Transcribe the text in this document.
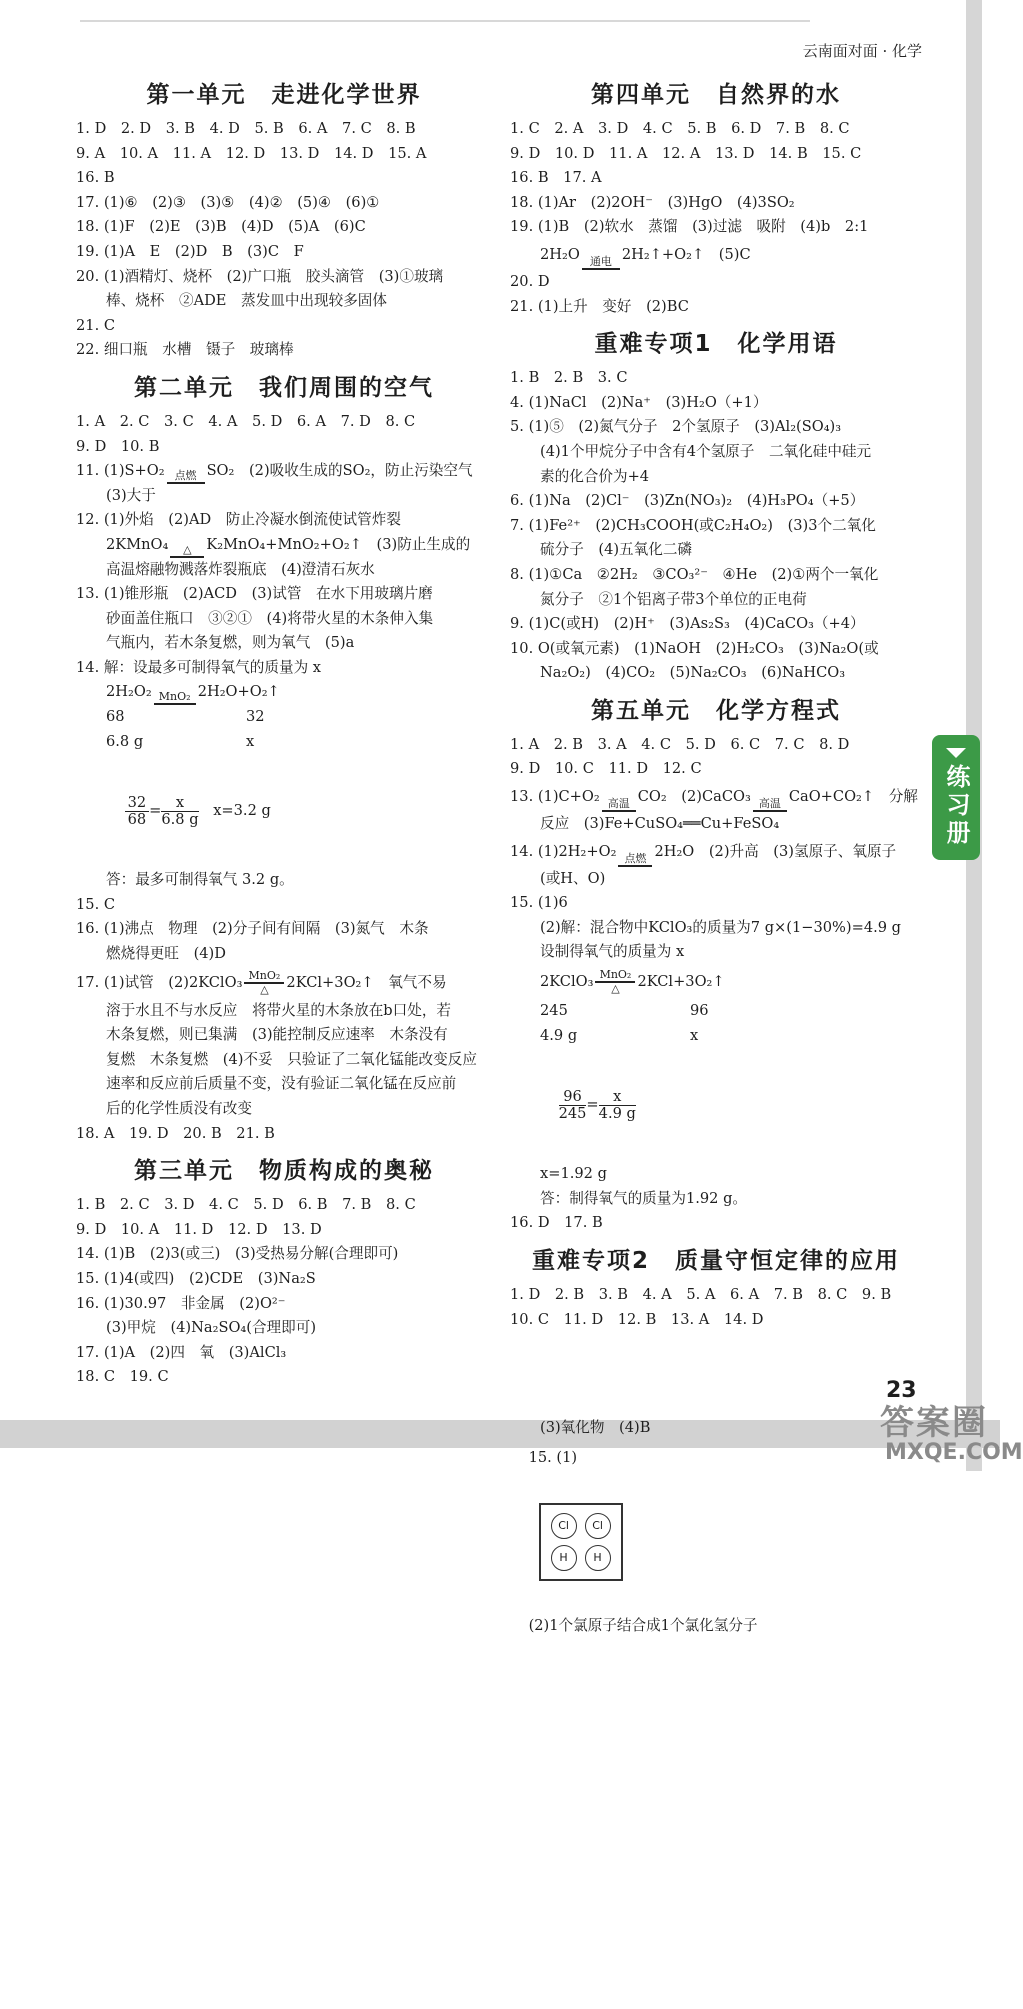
云南面对面 · 化学
练习册
23
答案圈
MXQE.COM
第一单元　走进化学世界
1. D　2. D　3. B　4. D　5. B　6. A　7. C　8. B
9. A　10. A　11. A　12. D　13. D　14. D　15. A
16. B
17. (1)⑥　(2)③　(3)⑤　(4)②　(5)④　(6)①
18. (1)F　(2)E　(3)B　(4)D　(5)A　(6)C
19. (1)A　E　(2)D　B　(3)C　F
20. (1)酒精灯、烧杯　(2)广口瓶　胶头滴管　(3)①玻璃
棒、烧杯　②ADE　蒸发皿中出现较多固体
21. C
22. 细口瓶　水槽　镊子　玻璃棒
第二单元　我们周围的空气
1. A　2. C　3. C　4. A　5. D　6. A　7. D　8. C
9. D　10. B
11. (1)S+O₂ 点燃 SO₂　(2)吸收生成的SO₂，防止污染空气
(3)大于
12. (1)外焰　(2)AD　防止冷凝水倒流使试管炸裂
2KMnO₄	△	K₂MnO₄+MnO₂+O₂↑　(3)防止生成的
高温熔融物溅落炸裂瓶底　(4)澄清石灰水
13. (1)锥形瓶　(2)ACD　(3)试管　在水下用玻璃片磨
砂面盖住瓶口　③②①　(4)将带火星的木条伸入集
气瓶内，若木条复燃，则为氧气　(5)a
14. 解：设最多可制得氧气的质量为 x
2H₂O₂ MnO₂ 2H₂O+O₂↑
68	32
6.8 g	x

$\frac{32}{68} = \frac{x}{6.8 g}$
　 x=3.2 g

答：最多可制得氧气 3.2 g。
15. C
16. (1)沸点　物理　(2)分子间有间隔　(3)氮气　木条
燃烧得更旺　(4)D
17. (1)试管　(2)2KClO₃ MnO₂
△	2KCl+3O₂↑　氧气不易
溶于水且不与水反应　将带火星的木条放在b口处，若
木条复燃，则已集满　(3)能控制反应速率　木条没有
复燃　木条复燃　(4)不妥　只验证了二氧化锰能改变反应
速率和反应前后质量不变，没有验证二氧化锰在反应前
后的化学性质没有改变
18. A　19. D　20. B　21. B
第三单元　物质构成的奥秘
1. B　2. C　3. D　4. C　5. D　6. B　7. B　8. C
9. D　10. A　11. D　12. D　13. D
14. (1)B　(2)3(或三)　(3)受热易分解(合理即可)
15. (1)4(或四)　(2)CDE　(3)Na₂S
16. (1)30.97　非金属　(2)O²⁻
(3)甲烷　(4)Na₂SO₄(合理即可)
17. (1)A　(2)四　氧　(3)AlCl₃
18. C　19. C
第四单元　自然界的水
1. C　2. A　3. D　4. C　5. B　6. D　7. B　8. C
9. D　10. D　11. A　12. A　13. D　14. B　15. C
16. B　17. A
18. (1)Ar　(2)2OH⁻　(3)HgO　(4)3SO₂
19. (1)B　(2)软水　蒸馏　(3)过滤　吸附　(4)b　2:1
2H₂O 通电 2H₂↑+O₂↑　(5)C
20. D
21. (1)上升　变好　(2)BC
重难专项1　化学用语
1. B　2. B　3. C
4. (1)NaCl　(2)Na⁺　(3)H₂O（+1）
5. (1)⑤　(2)氮气分子　2个氢原子　(3)Al₂(SO₄)₃
(4)1个甲烷分子中含有4个氢原子　二氧化硅中硅元
素的化合价为+4
6. (1)Na　(2)Cl⁻　(3)Zn(NO₃)₂　(4)H₃PO₄（+5）
7. (1)Fe²⁺　(2)CH₃COOH(或C₂H₄O₂)　(3)3个二氧化
硫分子　(4)五氧化二磷
8. (1)①Ca　②2H₂　③CO₃²⁻　④He　(2)①两个一氧化
氮分子　②1个铝离子带3个单位的正电荷
9. (1)C(或H)　(2)H⁺　(3)As₂S₃　(4)CaCO₃（+4）
10. O(或氧元素)　(1)NaOH　(2)H₂CO₃　(3)Na₂O(或
Na₂O₂)　(4)CO₂　(5)Na₂CO₃　(6)NaHCO₃
第五单元　化学方程式
1. A　2. B　3. A　4. C　5. D　6. C　7. C　8. D
9. D　10. C　11. D　12. C
13. (1)C+O₂ 高温 CO₂　(2)CaCO₃ 高温 CaO+CO₂↑　分解
反应　(3)Fe+CuSO₄══Cu+FeSO₄
14. (1)2H₂+O₂ 点燃 2H₂O　(2)升高　(3)氢原子、氧原子
(或H、O)
15. (1)6
(2)解：混合物中KClO₃的质量为7 g×(1−30%)=4.9 g
设制得氧气的质量为 x
2KClO₃ MnO₂
△	2KCl+3O₂↑
245	96
4.9 g	x

$\frac{96}{245} = \frac{x}{4.9 g}$

x=1.92 g
答：制得氧气的质量为1.92 g。
16. D　17. B
重难专项2　质量守恒定律的应用
1. D　2. B　3. B　4. A　5. A　6. A　7. B　8. C　9. B
10. C　11. D　12. B　13. A　14. D

15. (1)

Cl

	Cl

H

	H

(2)1个氯原子结合成1个氯化氢分子

(3)氧化物　(4)B
